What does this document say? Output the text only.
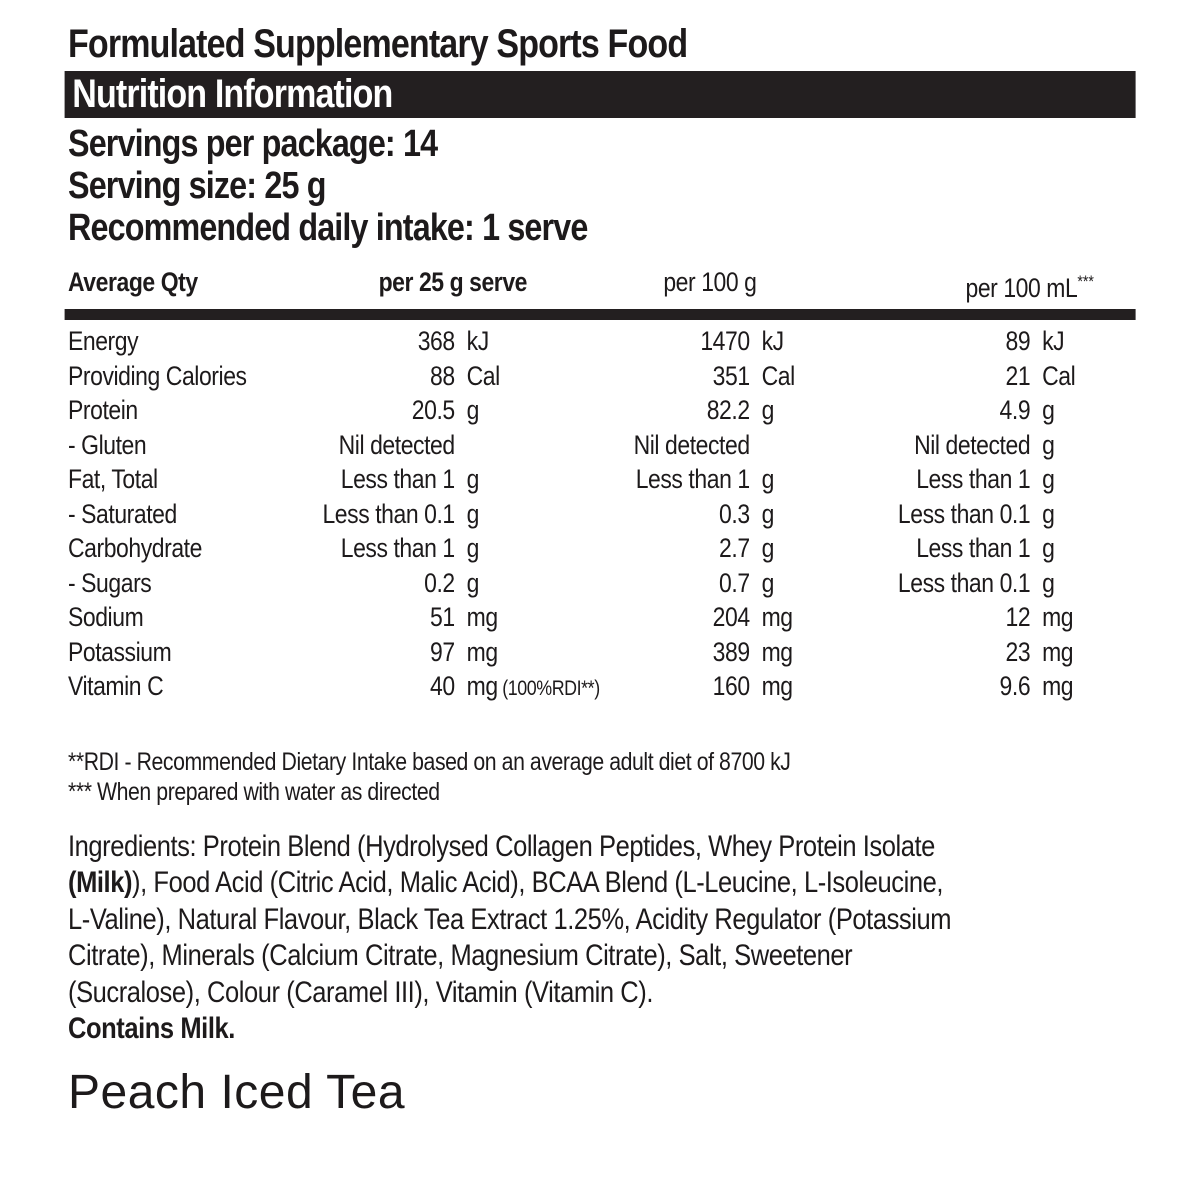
Formulated Supplementary Sports Food
Nutrition Information
Servings per package: 14
Serving size: 25 g
Recommended daily intake: 1 serve
Average Qty	per 25 g serve	per 100 g	per 100 mL***
Energy	368 kJ	1470 kJ	89 kJ
Providing Calories	88 Cal	351 Cal	21 Cal
Protein	20.5 g	82.2 g	4.9 g
- Gluten	Nil detected	Nil detected	Nil detected g
Fat, Total	Less than 1 g	Less than 1 g	Less than 1 g
- Saturated	Less than 0.1 g	0.3 g	Less than 0.1 g
Carbohydrate	Less than 1 g	2.7 g	Less than 1 g
- Sugars	0.2 g	0.7 g	Less than 0.1 g
Sodium	51 mg	204 mg	12 mg
Potassium	97 mg	389 mg	23 mg
Vitamin C	40 mg (100%RDI**)	160 mg	9.6 mg
**RDI - Recommended Dietary Intake based on an average adult diet of 8700 kJ
*** When prepared with water as directed
Ingredients: Protein Blend (Hydrolysed Collagen Peptides, Whey Protein Isolate
(Milk)), Food Acid (Citric Acid, Malic Acid), BCAA Blend (L-Leucine, L-Isoleucine,
L-Valine), Natural Flavour, Black Tea Extract 1.25%, Acidity Regulator (Potassium
Citrate), Minerals (Calcium Citrate, Magnesium Citrate), Salt, Sweetener
(Sucralose), Colour (Caramel III), Vitamin (Vitamin C).
Contains Milk.
Peach Iced Tea
